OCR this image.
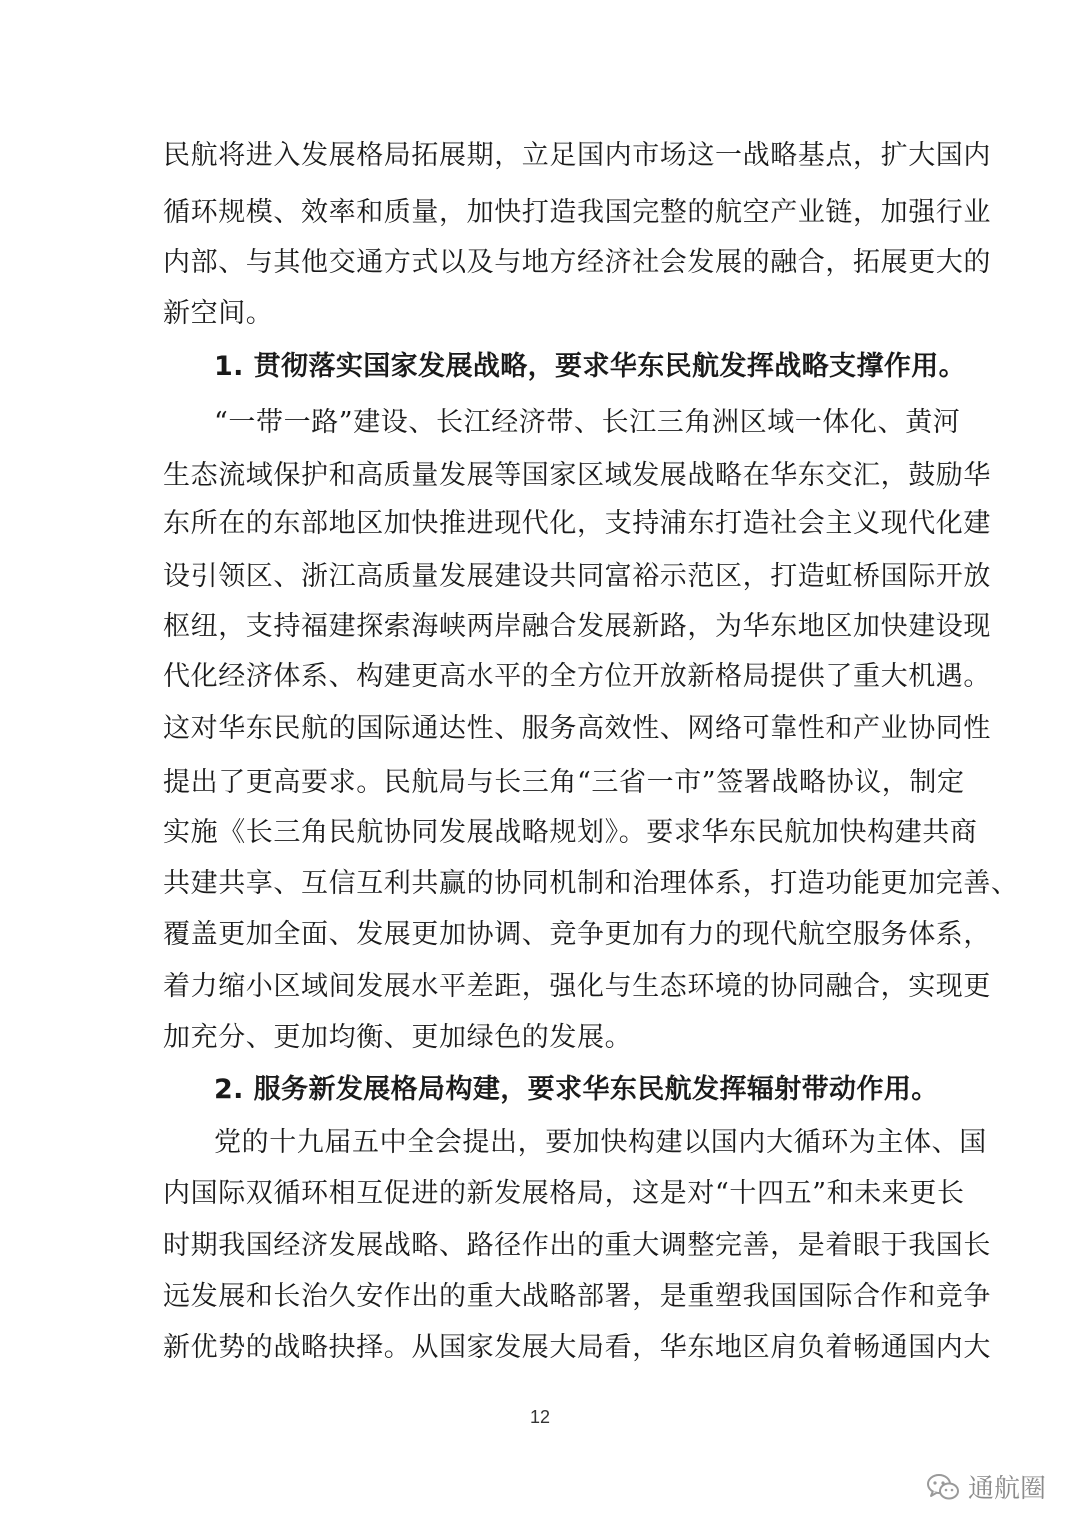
民航将进入发展格局拓展期，立足国内市场这一战略基点，扩大国内
循环规模、效率和质量，加快打造我国完整的航空产业链，加强行业
内部、与其他交通方式以及与地方经济社会发展的融合，拓展更大的
新空间。
1. 贯彻落实国家发展战略，要求华东民航发挥战略支撑作用。
“一带一路”建设、长江经济带、长江三角洲区域一体化、黄河
生态流域保护和高质量发展等国家区域发展战略在华东交汇，鼓励华
东所在的东部地区加快推进现代化，支持浦东打造社会主义现代化建
设引领区、浙江高质量发展建设共同富裕示范区，打造虹桥国际开放
枢纽，支持福建探索海峡两岸融合发展新路，为华东地区加快建设现
代化经济体系、构建更高水平的全方位开放新格局提供了重大机遇。
这对华东民航的国际通达性、服务高效性、网络可靠性和产业协同性
提出了更高要求。民航局与长三角“三省一市”签署战略协议，制定
实施《长三角民航协同发展战略规划》。要求华东民航加快构建共商
共建共享、互信互利共赢的协同机制和治理体系，打造功能更加完善、
覆盖更加全面、发展更加协调、竞争更加有力的现代航空服务体系，
着力缩小区域间发展水平差距，强化与生态环境的协同融合，实现更
加充分、更加均衡、更加绿色的发展。
2. 服务新发展格局构建，要求华东民航发挥辐射带动作用。
党的十九届五中全会提出，要加快构建以国内大循环为主体、国
内国际双循环相互促进的新发展格局，这是对“十四五”和未来更长
时期我国经济发展战略、路径作出的重大调整完善，是着眼于我国长
远发展和长治久安作出的重大战略部署，是重塑我国国际合作和竞争
新优势的战略抉择。从国家发展大局看，华东地区肩负着畅通国内大
12
通航圈
